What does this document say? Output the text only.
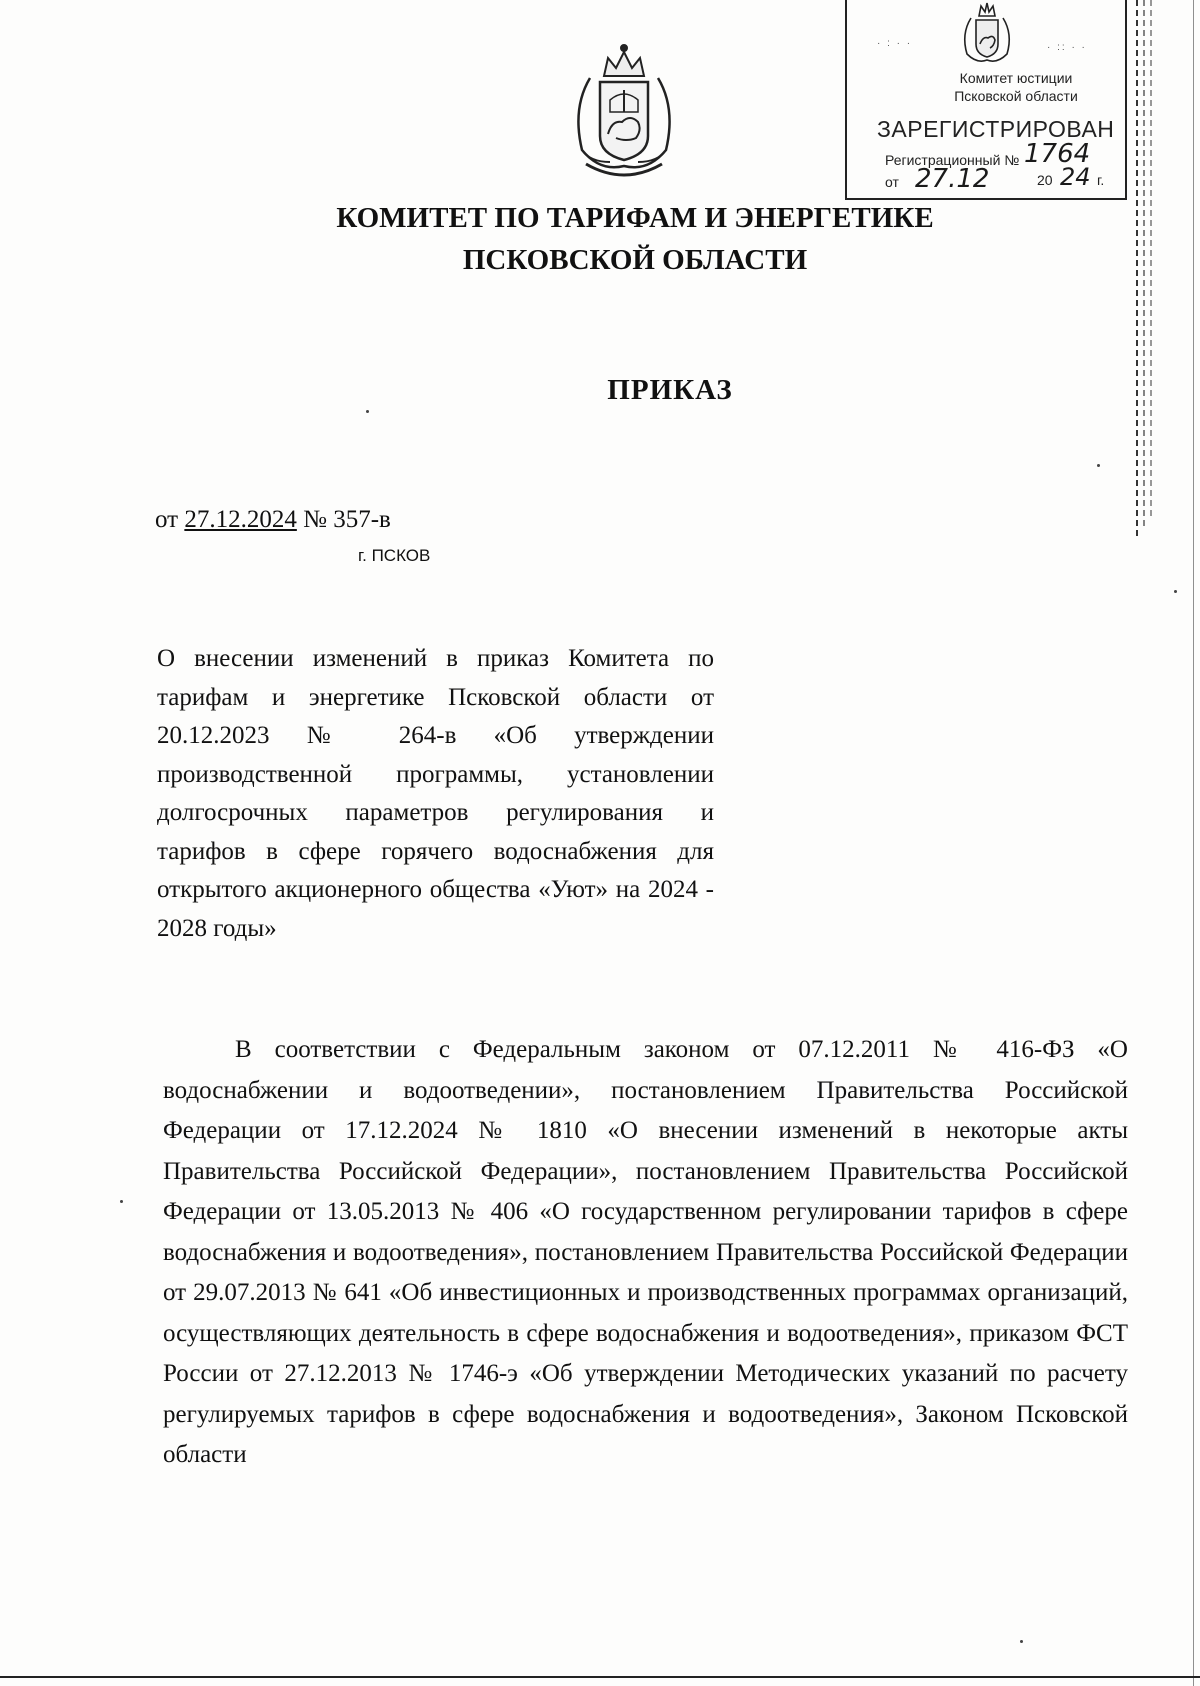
· : · ·	· :: · ·
Комитет юстиции
Псковской области
ЗАРЕГИСТРИРОВАН
Регистрационный № 1764
от 27.12	20 24 г.
КОМИТЕТ ПО ТАРИФАМ И ЭНЕРГЕТИКЕ
ПСКОВСКОЙ ОБЛАСТИ
ПРИКАЗ
от 27.12.2024 № 357-в
г. ПСКОВ
О внесении изменений в приказ Комитета по тарифам и энергетике Псковской области от 20.12.2023 № 264-в «Об утверждении производственной программы, установлении долгосрочных параметров регулирования и тарифов в сфере горячего водоснабжения для открытого акционерного общества «Уют» на 2024 - 2028 годы»
В соответствии с Федеральным законом от 07.12.2011 № 416-ФЗ «О водоснабжении и водоотведении», постановлением Правительства Российской Федерации от 17.12.2024 № 1810 «О внесении изменений в некоторые акты Правительства Российской Федерации», постановлением Правительства Российской Федерации от 13.05.2013 № 406 «О государственном регулировании тарифов в сфере водоснабжения и водоотведения», постановлением Правительства Российской Федерации от 29.07.2013 № 641 «Об инвестиционных и производственных программах организаций, осуществляющих деятельность в сфере водоснабжения и водоотведения», приказом ФСТ России от 27.12.2013 № 1746-э «Об утверждении Методических указаний по расчету регулируемых тарифов в сфере водоснабжения и водоотведения», Законом Псковской области
